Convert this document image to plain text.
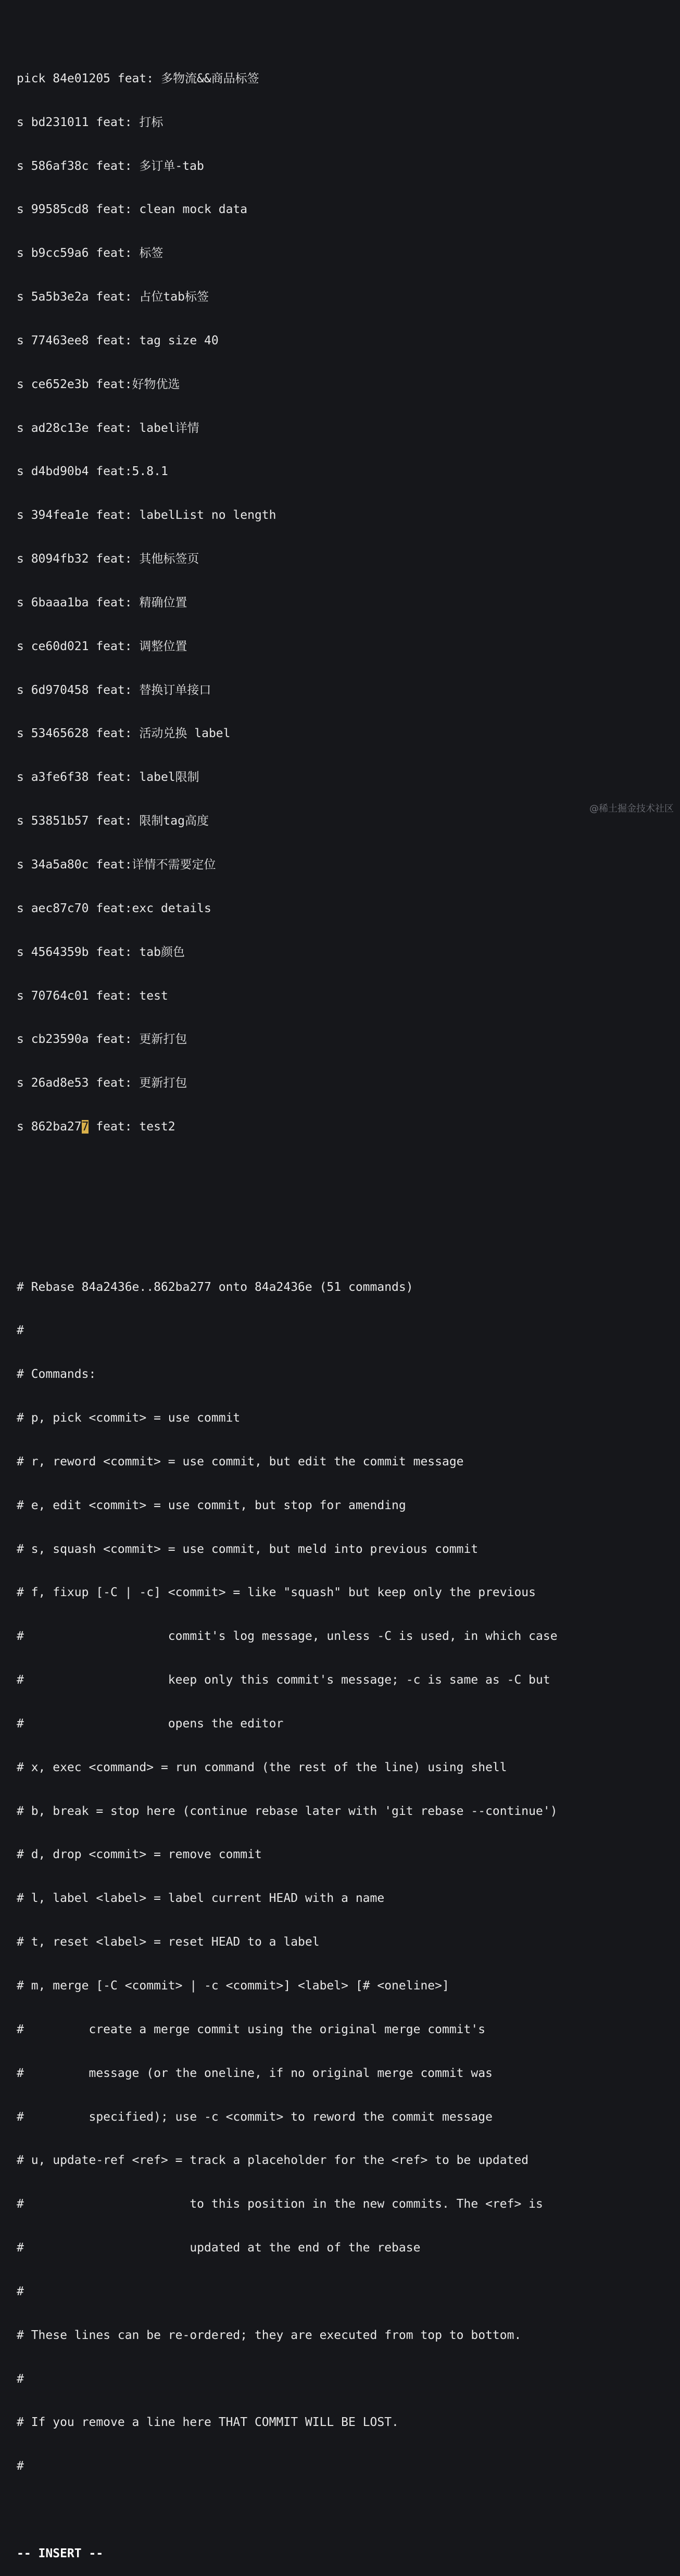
pick 84e01205 feat: 多物流&&商品标签

s bd231011 feat: 打标

s 586af38c feat: 多订单-tab

s 99585cd8 feat: clean mock data

s b9cc59a6 feat: 标签

s 5a5b3e2a feat: 占位tab标签

s 77463ee8 feat: tag size 40

s ce652e3b feat:好物优选

s ad28c13e feat: label详情

s d4bd90b4 feat:5.8.1

s 394fea1e feat: labelList no length

s 8094fb32 feat: 其他标签页

s 6baaa1ba feat: 精确位置

s ce60d021 feat: 调整位置

s 6d970458 feat: 替换订单接口

s 53465628 feat: 活动兑换 label

s a3fe6f38 feat: label限制

s 53851b57 feat: 限制tag高度

s 34a5a80c feat:详情不需要定位

s aec87c70 feat:exc details

s 4564359b feat: tab颜色

s 70764c01 feat: test

s cb23590a feat: 更新打包

s 26ad8e53 feat: 更新打包

s 862ba277 feat: test2

# Rebase 84a2436e..862ba277 onto 84a2436e (51 commands)

#

# Commands:

# p, pick <commit> = use commit

# r, reword <commit> = use commit, but edit the commit message

# e, edit <commit> = use commit, but stop for amending

# s, squash <commit> = use commit, but meld into previous commit

# f, fixup [-C | -c] <commit> = like "squash" but keep only the previous

#                    commit's log message, unless -C is used, in which case

#                    keep only this commit's message; -c is same as -C but

#                    opens the editor

# x, exec <command> = run command (the rest of the line) using shell

# b, break = stop here (continue rebase later with 'git rebase --continue')

# d, drop <commit> = remove commit

# l, label <label> = label current HEAD with a name

# t, reset <label> = reset HEAD to a label

# m, merge [-C <commit> | -c <commit>] <label> [# <oneline>]

#         create a merge commit using the original merge commit's

#         message (or the oneline, if no original merge commit was

#         specified); use -c <commit> to reword the commit message

# u, update-ref <ref> = track a placeholder for the <ref> to be updated

#                       to this position in the new commits. The <ref> is

#                       updated at the end of the rebase

#

# These lines can be re-ordered; they are executed from top to bottom.

#

# If you remove a line here THAT COMMIT WILL BE LOST.

#

-- INSERT --

@稀土掘金技术社区
